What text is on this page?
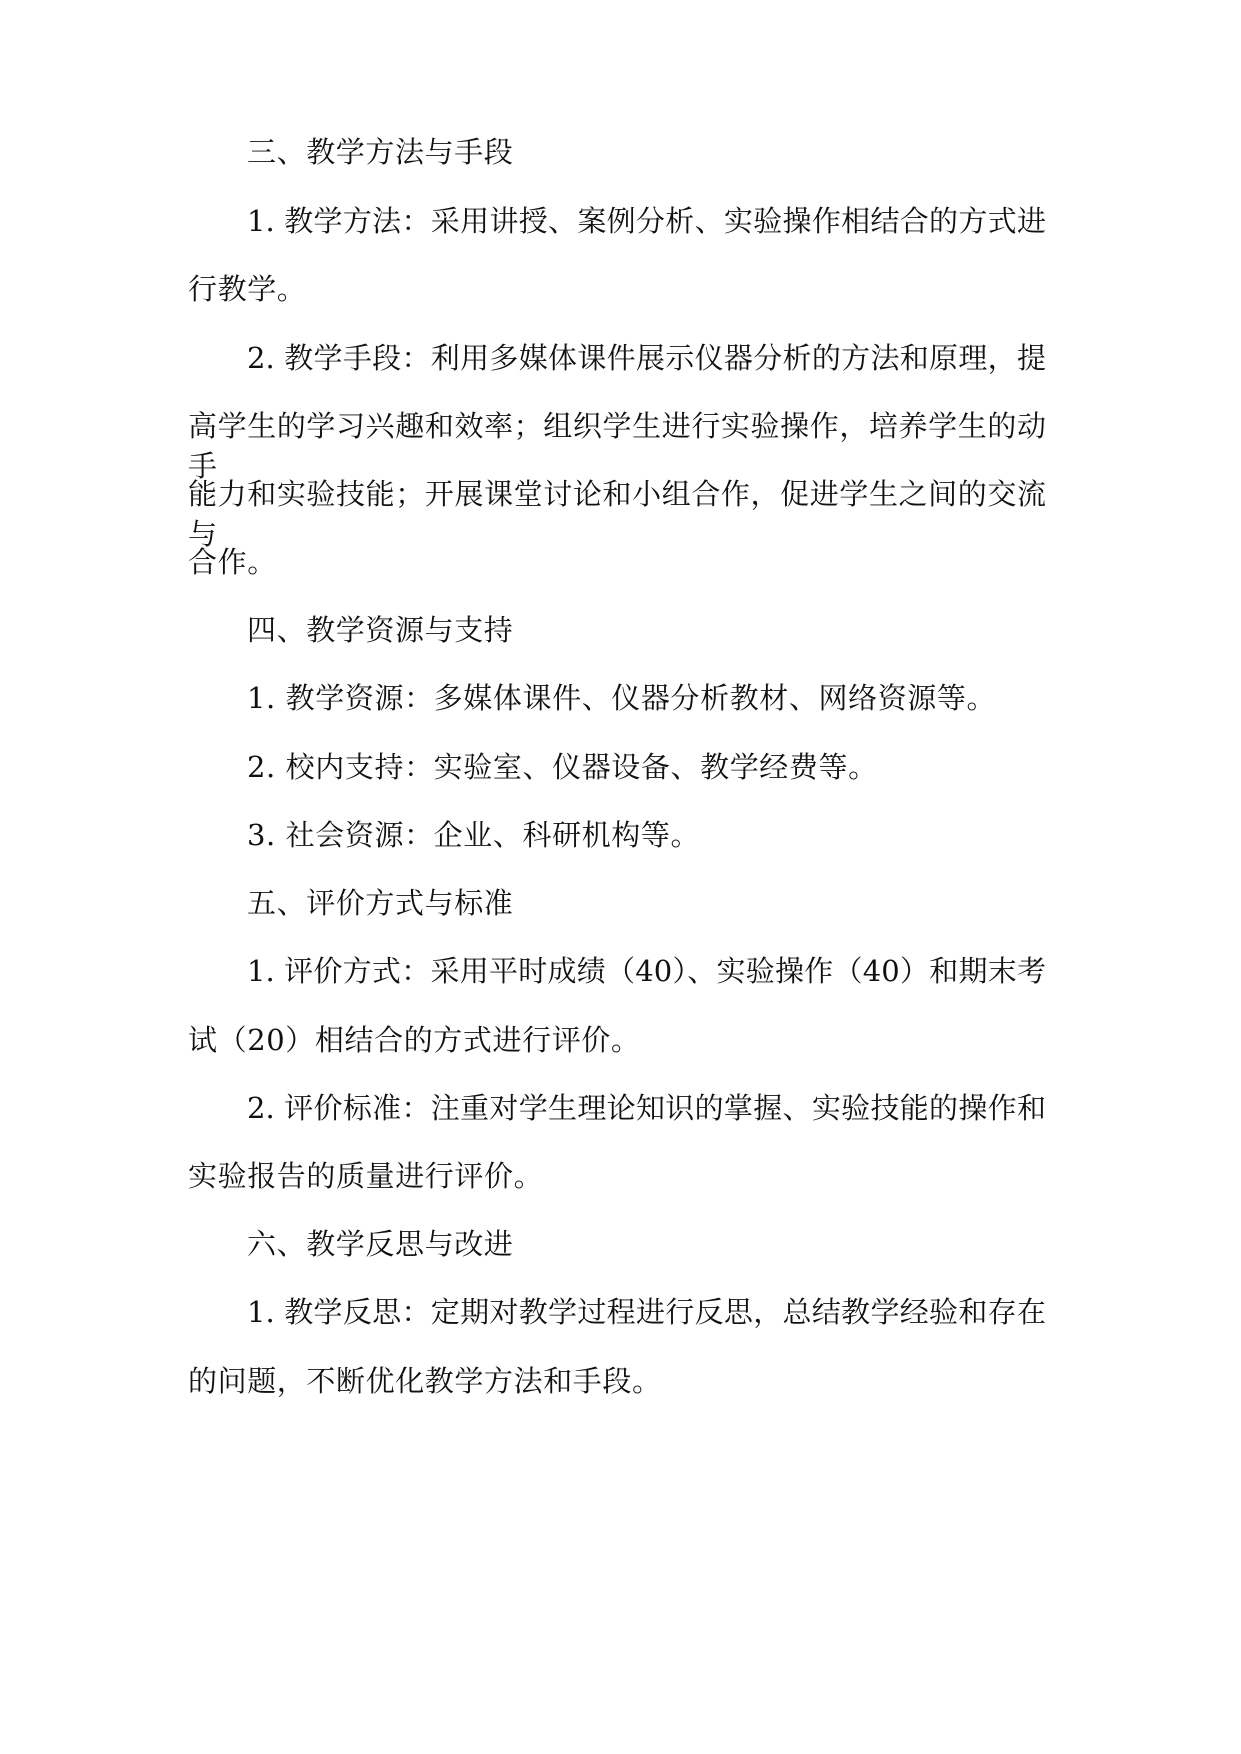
三、教学方法与手段
1. 教学方法：采用讲授、案例分析、实验操作相结合的方式进
行教学。
2. 教学手段：利用多媒体课件展示仪器分析的方法和原理，提
高学生的学习兴趣和效率；组织学生进行实验操作，培养学生的动手
能力和实验技能；开展课堂讨论和小组合作，促进学生之间的交流与
合作。
四、教学资源与支持
1. 教学资源：多媒体课件、仪器分析教材、网络资源等。
2. 校内支持：实验室、仪器设备、教学经费等。
3. 社会资源：企业、科研机构等。
五、评价方式与标准
1. 评价方式：采用平时成绩（40）、实验操作（40）和期末考
试（20）相结合的方式进行评价。
2. 评价标准：注重对学生理论知识的掌握、实验技能的操作和
实验报告的质量进行评价。
六、教学反思与改进
1. 教学反思：定期对教学过程进行反思，总结教学经验和存在
的问题，不断优化教学方法和手段。
